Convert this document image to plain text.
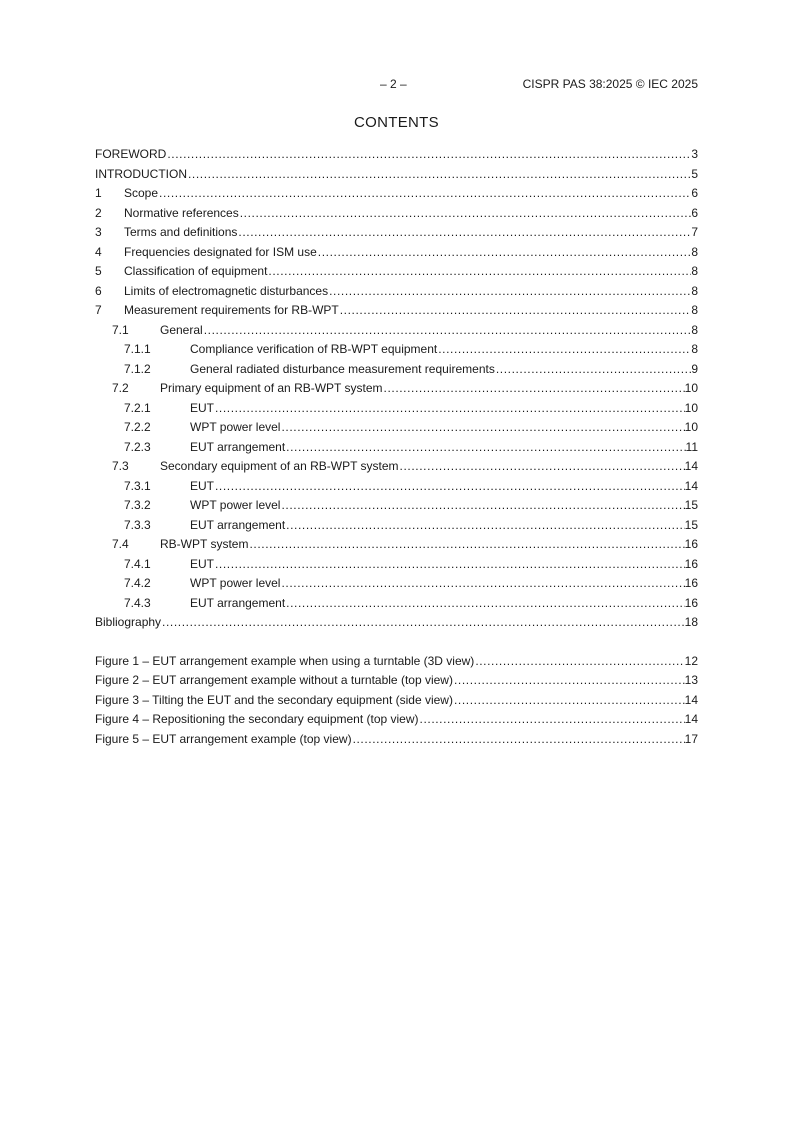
– 2 –	CISPR PAS 38:2025 © IEC 2025
CONTENTS
FOREWORD .....	3
INTRODUCTION .....	5
1	Scope .....	6
2	Normative references .....	6
3	Terms and definitions .....	7
4	Frequencies designated for ISM use .....	8
5	Classification of equipment .....	8
6	Limits of electromagnetic disturbances .....	8
7	Measurement requirements for RB-WPT .....	8
7.1	General .....	8
7.1.1	Compliance verification of RB-WPT equipment .....	8
7.1.2	General radiated disturbance measurement requirements .....	9
7.2	Primary equipment of an RB-WPT system .....	10
7.2.1	EUT .....	10
7.2.2	WPT power level .....	10
7.2.3	EUT arrangement .....	11
7.3	Secondary equipment of an RB-WPT system .....	14
7.3.1	EUT .....	14
7.3.2	WPT power level .....	15
7.3.3	EUT arrangement .....	15
7.4	RB-WPT system .....	16
7.4.1	EUT .....	16
7.4.2	WPT power level .....	16
7.4.3	EUT arrangement .....	16
Bibliography .....	18
Figure 1 – EUT arrangement example when using a turntable (3D view) .....	12
Figure 2 – EUT arrangement example without a turntable (top view) .....	13
Figure 3 – Tilting the EUT and the secondary equipment (side view) .....	14
Figure 4 – Repositioning the secondary equipment (top view) .....	14
Figure 5 – EUT arrangement example (top view) .....	17
